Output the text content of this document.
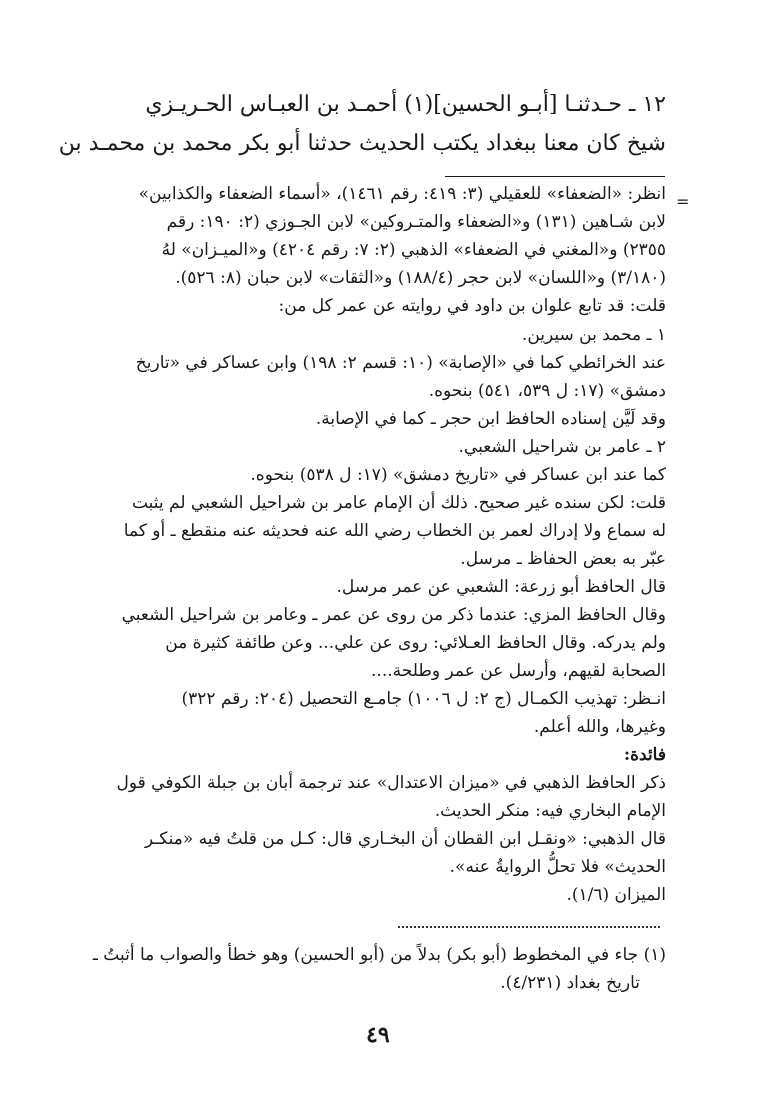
١٢ ـ حـدثنـا [أبـو الحسين](١) أحمـد بن العبـاس الحـريـزي
شيخ كان معنا ببغداد يكتب الحديث حدثنا أبو بكر محمد بن محمـد بن
=
انظر: «الضعفاء» للعقيلي (٣: ٤١٩: رقم ١٤٦١)، «أسماء الضعفاء والكذابين»
لابن شـاهين (١٣١) و«الضعفاء والمتـروكين» لابن الجـوزي (٢: ١٩٠: رقم
٢٣٥٥) و«المغني في الضعفاء» الذهبي (٢: ٧: رقم ٤٢٠٤) و«الميـزان» لهُ
(٣/١٨٠) و«اللسان» لابن حجر (١٨٨/٤) و«الثقات» لابن حبان (٨: ٥٢٦).
قلت: قد تابع علوان بن داود في روايته عن عمر كل من:
١ ـ محمد بن سيرين.
عند الخرائطي كما في «الإصابة» (١٠: قسم ٢: ١٩٨) وابن عساكر في «تاريخ
دمشق» (١٧: ل ٥٣٩، ٥٤١) بنحوه.
وقد لَيَّن إسناده الحافظ ابن حجر ـ كما في الإصابة.
٢ ـ عامر بن شراحيل الشعبي.
كما عند ابن عساكر في «تاريخ دمشق» (١٧: ل ٥٣٨) بنحوه.
قلت: لكن سنده غير صحيح. ذلك أن الإمام عامر بن شراحيل الشعبي لم يثبت
له سماع ولا إدراك لعمر بن الخطاب رضي الله عنه فحديثه عنه منقطع ـ أو كما
عبّر به بعض الحفاظ ـ مرسل.
قال الحافظ أبو زرعة: الشعبي عن عمر مرسل.
وقال الحافظ المزي: عندما ذكر من روى عن عمر ـ وعامر بن شراحيل الشعبي
ولم يدركه. وقال الحافظ العـلائي: روى عن علي... وعن طائفة كثيرة من
الصحابة لقيهم، وأرسل عن عمر وطلحة....
انـظر: تهذيب الكمـال (ج ٢: ل ١٠٠٦) جامـع التحصيل (٢٠٤: رقم ٣٢٢)
وغيرها، والله أعلم.
فائدة:
ذكر الحافظ الذهبي في «ميزان الاعتدال» عند ترجمة أبان بن جبلة الكوفي قول
الإمام البخاري فيه: منكر الحديث.
قال الذهبي: «ونقـل ابن القطان أن البخـاري قال: كـل من قلتُ فيه «منكـر
الحديث» فلا تحلُّ الروايةُ عنه».
الميزان (١/٦).
(١) جاء في المخطوط (أبو بكر) بدلاً من (أبو الحسين) وهو خطأ والصواب ما أثبتُ ـ
تاريخ بغداد (٤/٢٣١).
٤٩
